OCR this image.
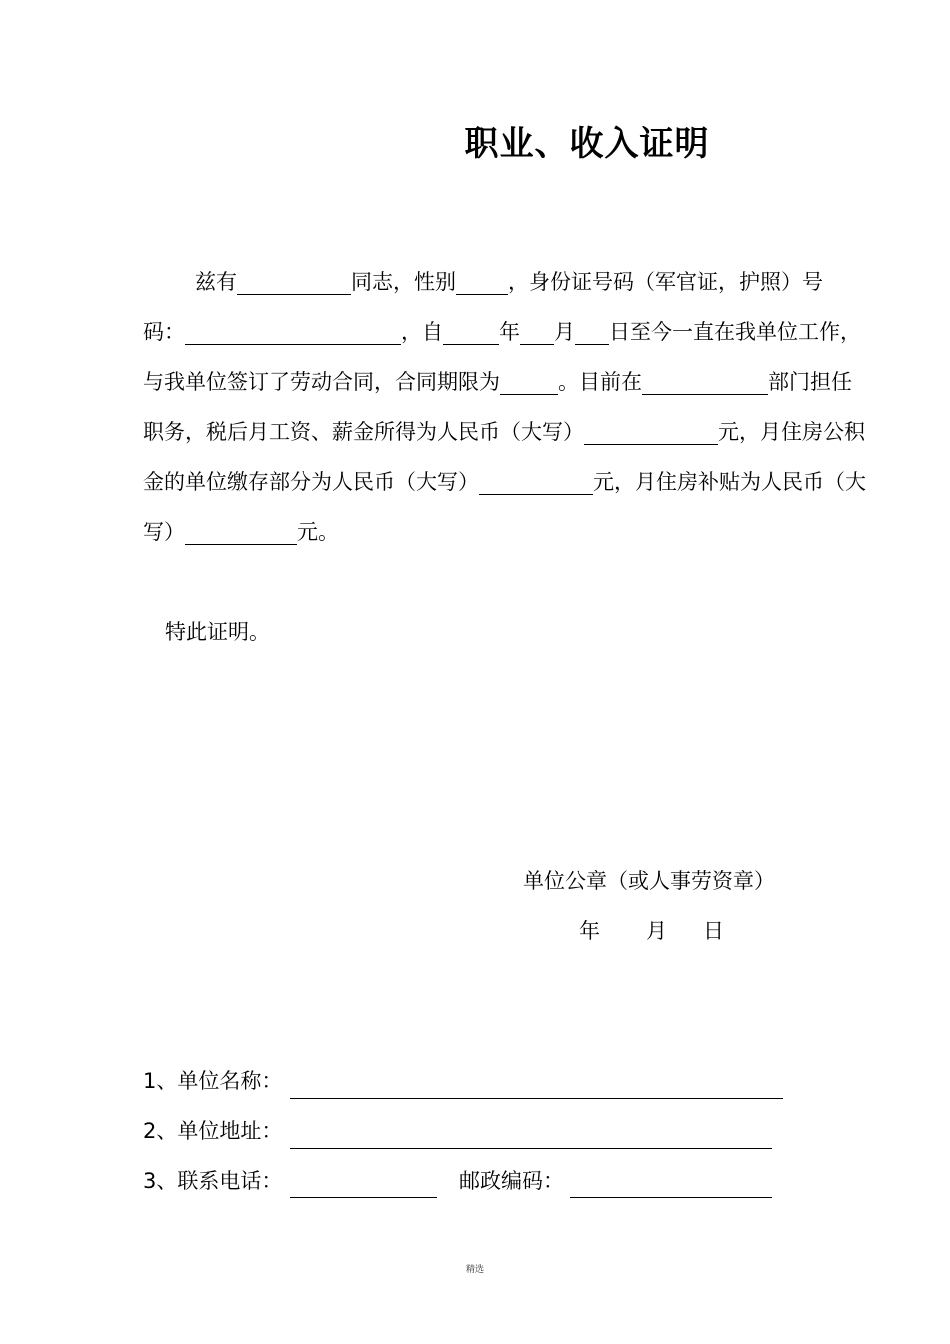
职业、收入证明
兹有	同志，性别 ，身份证号码（军官证，护照）号
码：	，自	年 月 日至今一直在我单位工作，
与我单位签订了劳动合同，合同期限为	。目前在	部门担任
职务，税后月工资、薪金所得为人民币（大写）	元，月住房公积
金的单位缴存部分为人民币（大写）	元，月住房补贴为人民币（大
写）	元。
特此证明。
单位公章（或人事劳资章）
年 月 日
1、单位名称：
2、单位地址：
3、联系电话：	邮政编码：
精选
